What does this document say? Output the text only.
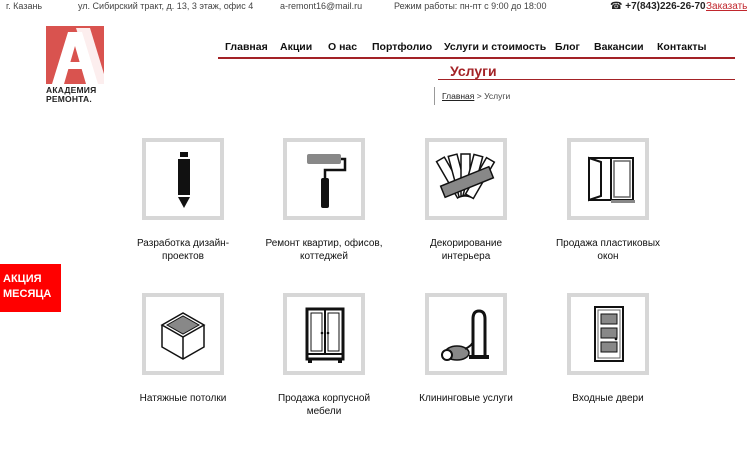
г. Казань	ул. Сибирский тракт, д. 13, 3 этаж, офис 4	a-remont16@mail.ru	Режим работы: пн-пт с 9:00 до 18:00	☎ +7(843)226-26-70 Заказать
АКАДЕМИЯ
РЕМОНТА.
Главная Акции О нас Портфолио Услуги и стоимость Блог Вакансии Контакты
Услуги
Главная > Услуги
Разработка дизайн-
проектов
Ремонт квартир, офисов,
коттеджей
Декорирование
интерьера
Продажа пластиковых
окон
Натяжные потолки	Продажа корпусной
мебели
Клининговые услуги	Входные двери
АКЦИЯ
МЕСЯЦА
